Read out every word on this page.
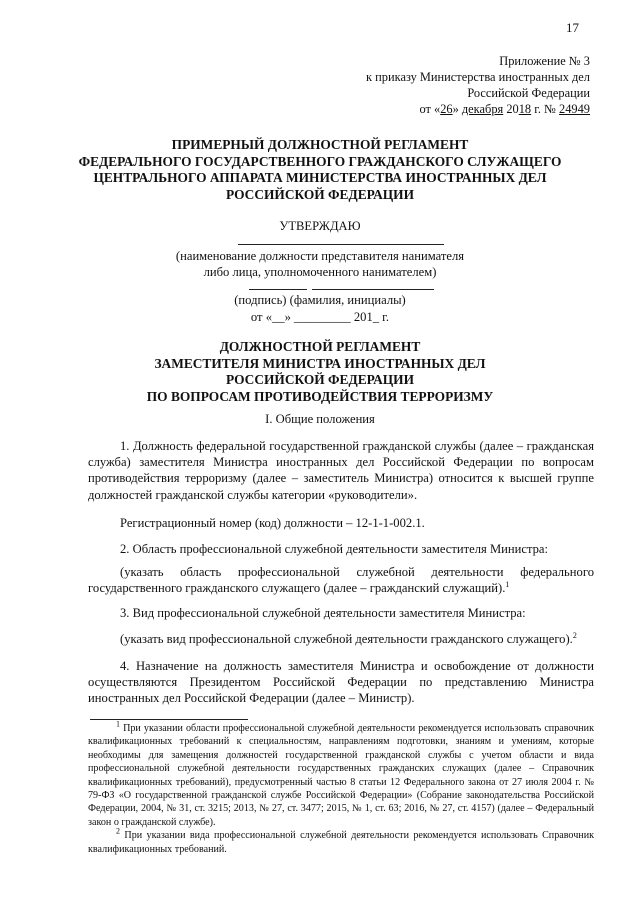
17
Приложение № 3
к приказу Министерства иностранных дел
Российской Федерации
от «26» декабря 2018 г. № 24949
ПРИМЕРНЫЙ ДОЛЖНОСТНОЙ РЕГЛАМЕНТ
ФЕДЕРАЛЬНОГО ГОСУДАРСТВЕННОГО ГРАЖДАНСКОГО СЛУЖАЩЕГО
ЦЕНТРАЛЬНОГО АППАРАТА МИНИСТЕРСТВА ИНОСТРАННЫХ ДЕЛ
РОССИЙСКОЙ ФЕДЕРАЦИИ
УТВЕРЖДАЮ
(наименование должности представителя нанимателя
либо лица, уполномоченного нанимателем)
(подпись) (фамилия, инициалы)
от «__» _________ 201_ г.
ДОЛЖНОСТНОЙ РЕГЛАМЕНТ
ЗАМЕСТИТЕЛЯ МИНИСТРА ИНОСТРАННЫХ ДЕЛ
РОССИЙСКОЙ ФЕДЕРАЦИИ
ПО ВОПРОСАМ ПРОТИВОДЕЙСТВИЯ ТЕРРОРИЗМУ
I. Общие положения
1. Должность федеральной государственной гражданской службы (далее – гражданская служба) заместителя Министра иностранных дел Российской Федерации по вопросам противодействия терроризму (далее – заместитель Министра) относится к высшей группе должностей гражданской службы категории «руководители».
Регистрационный номер (код) должности – 12-1-1-002.1.
2. Область профессиональной служебной деятельности заместителя Министра:
(указать область профессиональной служебной деятельности федерального государственного гражданского служащего (далее – гражданский служащий).$^1$
3. Вид профессиональной служебной деятельности заместителя Министра:
(указать вид профессиональной служебной деятельности гражданского служащего).$^2$
4. Назначение на должность заместителя Министра и освобождение от должности осуществляются Президентом Российской Федерации по представлению Министра иностранных дел Российской Федерации (далее – Министр).
$^1$ При указании области профессиональной служебной деятельности рекомендуется использовать справочник квалификационных требований к специальностям, направлениям подготовки, знаниям и умениям, которые необходимы для замещения должностей государственной гражданской службы с учетом области и вида профессиональной служебной деятельности государственных гражданских служащих (далее – Справочник квалификационных требований), предусмотренный частью 8 статьи 12 Федерального закона от 27 июля 2004 г. № 79-ФЗ «О государственной гражданской службе Российской Федерации» (Собрание законодательства Российской Федерации, 2004, № 31, ст. 3215; 2013, № 27, ст. 3477; 2015, № 1, ст. 63; 2016, № 27, ст. 4157) (далее – Федеральный закон о гражданской службе).
$^2$ При указании вида профессиональной служебной деятельности рекомендуется использовать Справочник квалификационных требований.
